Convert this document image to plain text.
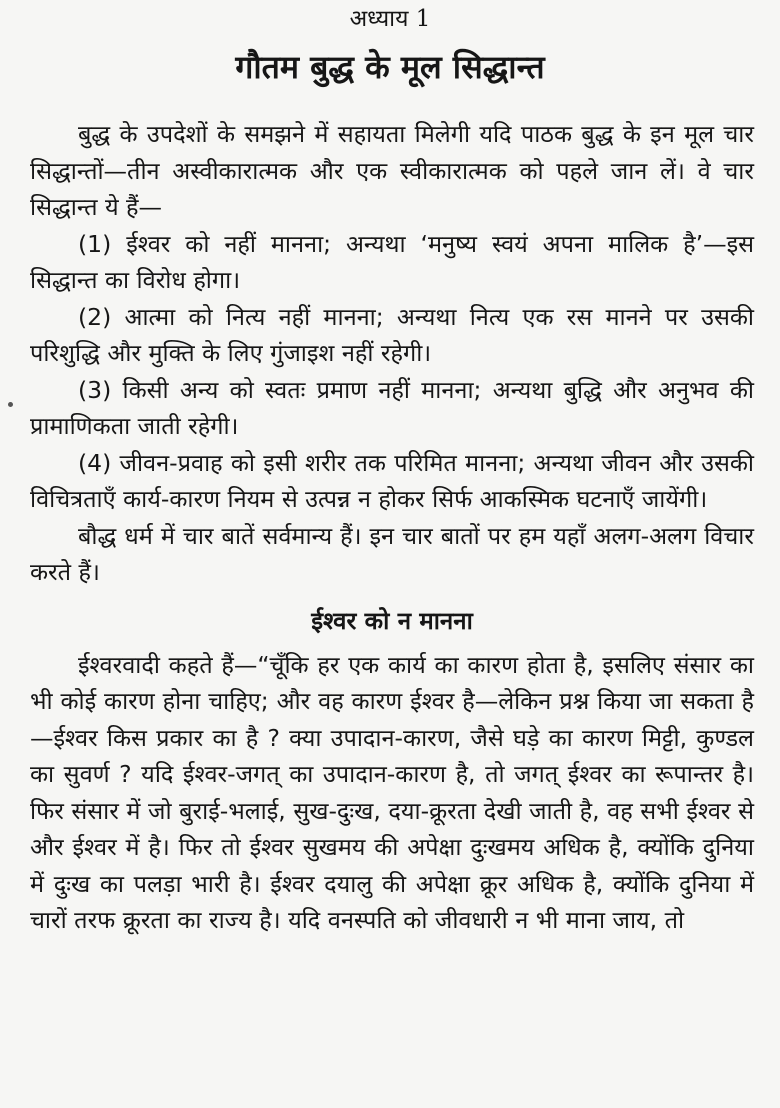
अध्याय 1
गौतम बुद्ध के मूल सिद्धान्त

बुद्ध के उपदेशों के समझने में सहायता मिलेगी यदि पाठक बुद्ध के इन मूल चार सिद्धान्तों—तीन अस्वीकारात्मक और एक स्वीकारात्मक को पहले जान लें। वे चार सिद्धान्त ये हैं—

(1) ईश्वर को नहीं मानना; अन्यथा ‘मनुष्य स्वयं अपना मालिक है’—इस सिद्धान्त का विरोध होगा।

(2) आत्मा को नित्य नहीं मानना; अन्यथा नित्य एक रस मानने पर उसकी परिशुद्धि और मुक्ति के लिए गुंजाइश नहीं रहेगी।

(3) किसी अन्य को स्वतः प्रमाण नहीं मानना; अन्यथा बुद्धि और अनुभव की प्रामाणिकता जाती रहेगी।

(4) जीवन-प्रवाह को इसी शरीर तक परिमित मानना; अन्यथा जीवन और उसकी विचित्रताएँ कार्य-कारण नियम से उत्पन्न न होकर सिर्फ आकस्मिक घटनाएँ जायेंगी।

बौद्ध धर्म में चार बातें सर्वमान्य हैं। इन चार बातों पर हम यहाँ अलग-अलग विचार करते हैं।

ईश्वर को न मानना

ईश्वरवादी कहते हैं—“चूँकि हर एक कार्य का कारण होता है, इसलिए संसार का भी कोई कारण होना चाहिए; और वह कारण ईश्वर है—लेकिन प्रश्न किया जा सकता है—ईश्वर किस प्रकार का है ? क्या उपादान-कारण, जैसे घड़े का कारण मिट्टी, कुण्डल का सुवर्ण ? यदि ईश्वर-जगत् का उपादान-कारण है, तो जगत् ईश्वर का रूपान्तर है। फिर संसार में जो बुराई-भलाई, सुख-दुःख, दया-क्रूरता देखी जाती है, वह सभी ईश्वर से और ईश्वर में है। फिर तो ईश्वर सुखमय की अपेक्षा दुःखमय अधिक है, क्योंकि दुनिया में दुःख का पलड़ा भारी है। ईश्वर दयालु की अपेक्षा क्रूर अधिक है, क्योंकि दुनिया में चारों तरफ क्रूरता का राज्य है। यदि वनस्पति को जीवधारी न भी माना जाय, तो
